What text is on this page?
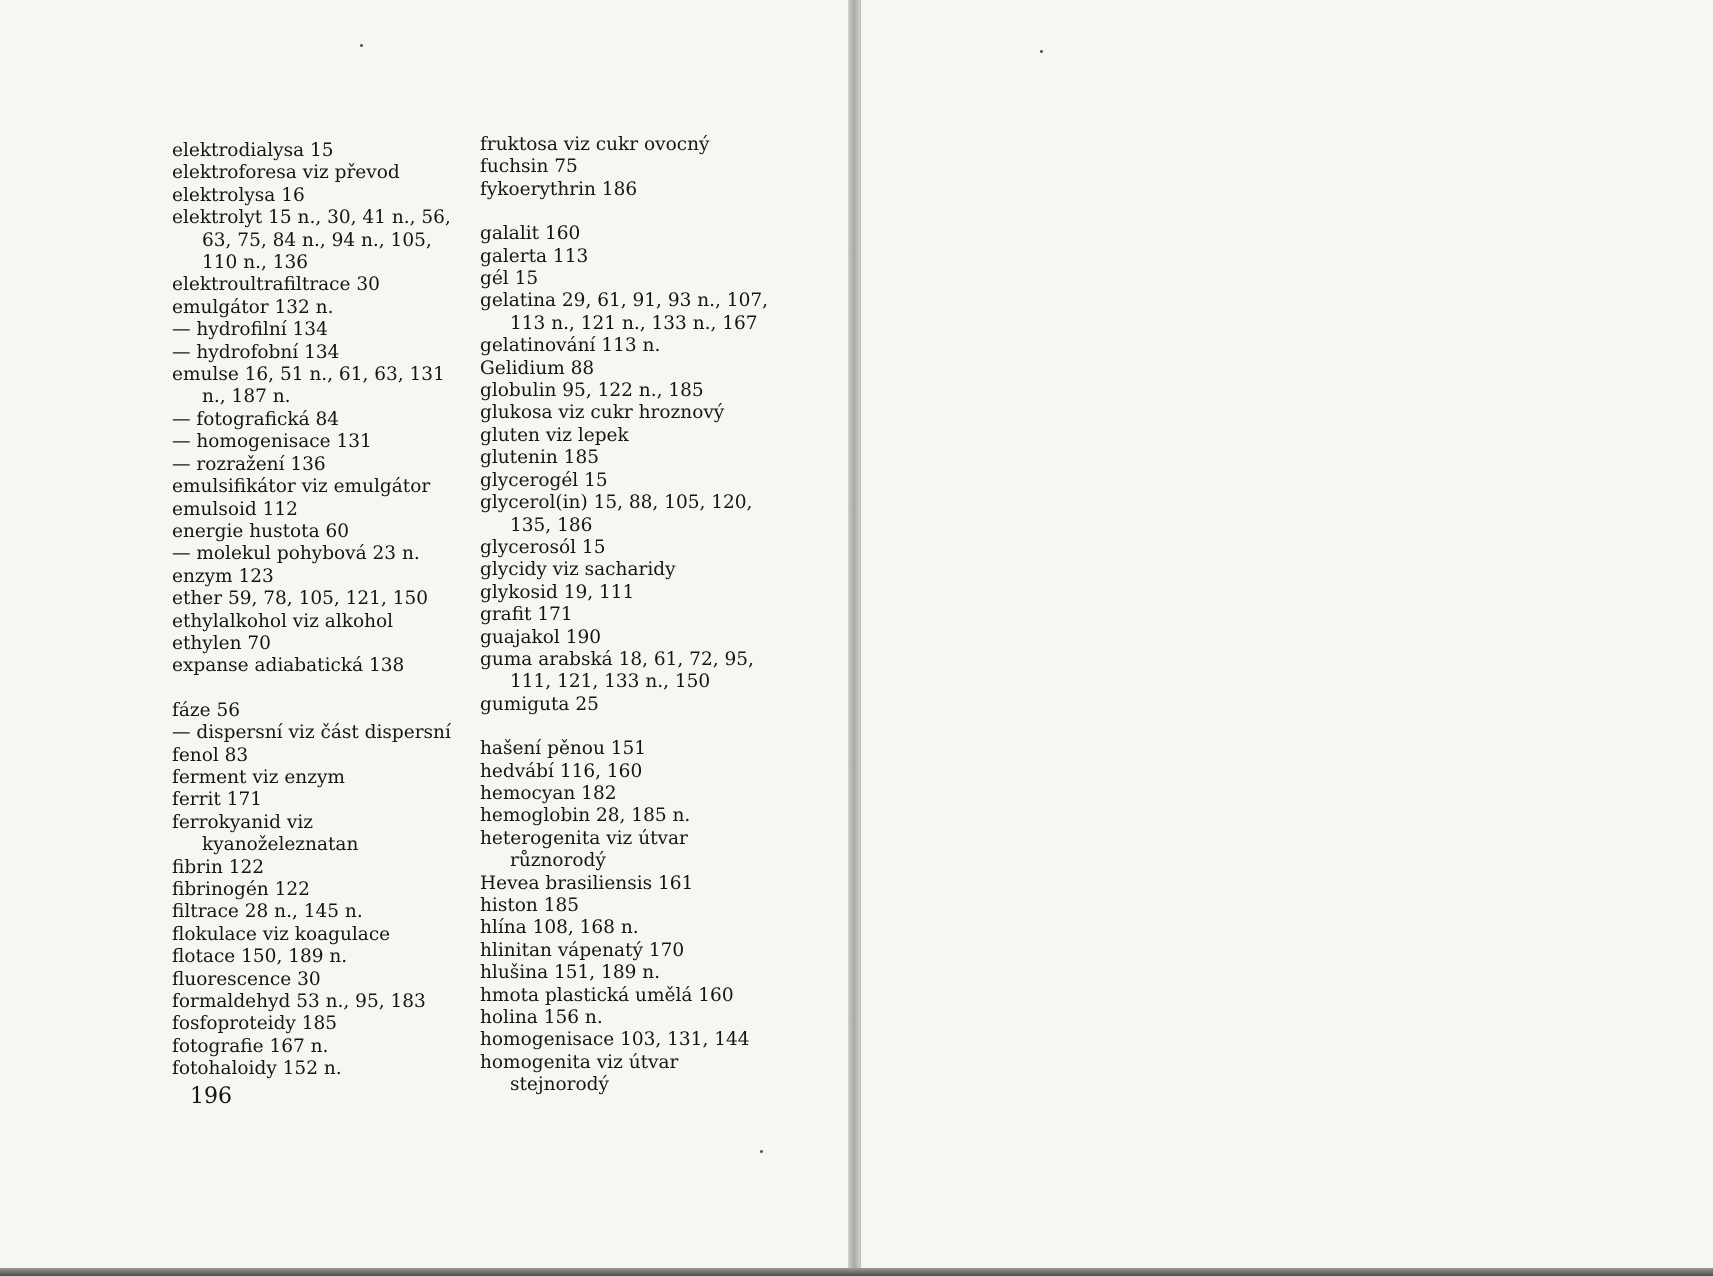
elektrodialysa 15
elektroforesa viz převod
elektrolysa 16
elektrolyt 15 n., 30, 41 n., 56, 63, 75, 84 n., 94 n., 105, 110 n., 136
elektroultrafiltrace 30
emulgátor 132 n.
— hydrofilní 134
— hydrofobní 134
emulse 16, 51 n., 61, 63, 131 n., 187 n.
— fotografická 84
— homogenisace 131
— rozražení 136
emulsifikátor viz emulgátor
emulsoid 112
energie hustota 60
— molekul pohybová 23 n.
enzym 123
ether 59, 78, 105, 121, 150
ethylalkohol viz alkohol
ethylen 70
expanse adiabatická 138
fáze 56
— dispersní viz část dispersní
fenol 83
ferment viz enzym
ferrit 171
ferrokyanid viz kyanoželeznatan
fibrin 122
fibrinogén 122
filtrace 28 n., 145 n.
flokulace viz koagulace
flotace 150, 189 n.
fluorescence 30
formaldehyd 53 n., 95, 183
fosfoproteidy 185
fotografie 167 n.
fotohaloidy 152 n.
fruktosa viz cukr ovocný
fuchsin 75
fykoerythrin 186
galalit 160
galerta 113
gél 15
gelatina 29, 61, 91, 93 n., 107, 113 n., 121 n., 133 n., 167
gelatinování 113 n.
Gelidium 88
globulin 95, 122 n., 185
glukosa viz cukr hroznový
gluten viz lepek
glutenin 185
glycerogél 15
glycerol(in) 15, 88, 105, 120, 135, 186
glycerosól 15
glycidy viz sacharidy
glykosid 19, 111
grafit 171
guajakol 190
guma arabská 18, 61, 72, 95, 111, 121, 133 n., 150
gumiguta 25
hašení pěnou 151
hedvábí 116, 160
hemocyan 182
hemoglobin 28, 185 n.
heterogenita viz útvar různorodý
Hevea brasiliensis 161
histon 185
hlína 108, 168 n.
hlinitan vápenatý 170
hlušina 151, 189 n.
hmota plastická umělá 160
holina 156 n.
homogenisace 103, 131, 144
homogenita viz útvar stejnorodý
196
